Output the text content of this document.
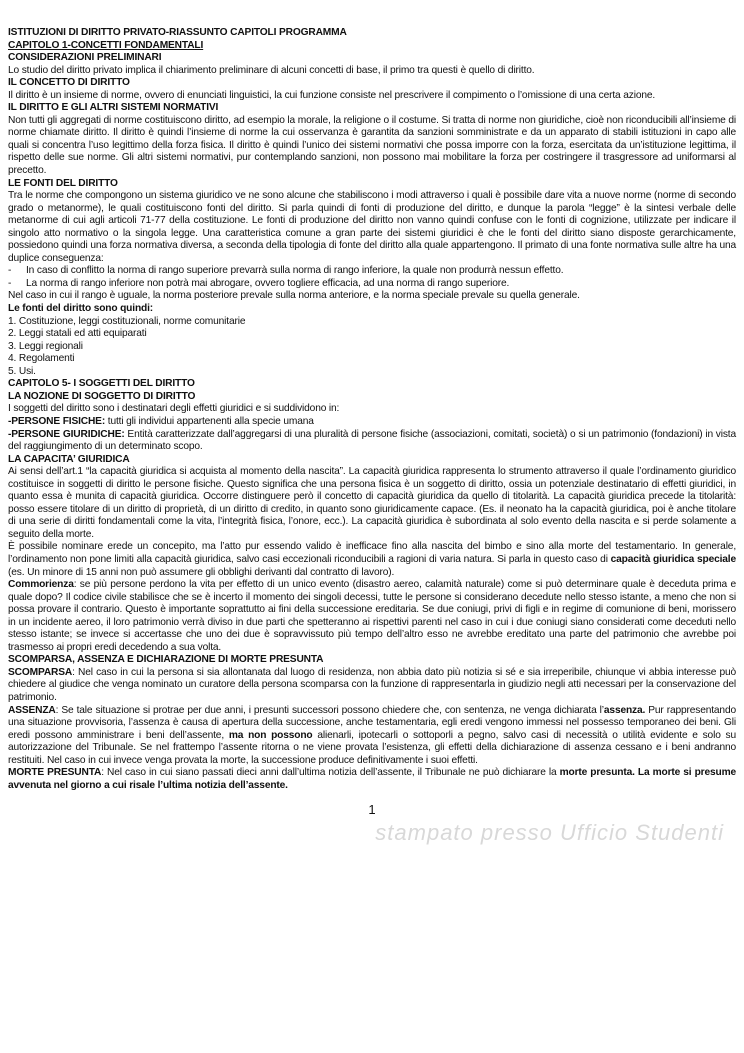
ISTITUZIONI DI DIRITTO PRIVATO-RIASSUNTO CAPITOLI PROGRAMMA
CAPITOLO 1-CONCETTI FONDAMENTALI
CONSIDERAZIONI PRELIMINARI
Lo studio del diritto privato implica il chiarimento preliminare di alcuni concetti di base, il primo tra questi è quello di diritto.
IL CONCETTO DI DIRITTO
Il diritto è un insieme di norme, ovvero di enunciati linguistici, la cui funzione consiste nel prescrivere il compimento o l’omissione di una certa azione.
IL DIRITTO E GLI ALTRI SISTEMI NORMATIVI
Non tutti gli aggregati di norme costituiscono diritto, ad esempio la morale, la religione o il costume. Si tratta di norme non giuridiche, cioè non riconducibili all’insieme di norme chiamate diritto. Il diritto è quindi l’insieme di norme la cui osservanza è garantita da sanzioni somministrate e da un apparato di stabili istituzioni in capo alle quali si concentra l’uso legittimo della forza fisica. Il diritto è quindi l’unico dei sistemi normativi che possa imporre con la forza, esercitata da un’istituzione legittima, il rispetto delle sue norme. Gli altri sistemi normativi, pur contemplando sanzioni, non possono mai mobilitare la forza per costringere il trasgressore ad uniformarsi al precetto.
LE FONTI DEL DIRITTO
Tra le norme che compongono un sistema giuridico ve ne sono alcune che stabiliscono i modi attraverso i quali è possibile dare vita a nuove norme (norme di secondo grado o metanorme), le quali costituiscono fonti del diritto. Si parla quindi di fonti di produzione del diritto, e dunque la parola “legge” è la sintesi verbale delle metanorme di cui agli articoli 71-77 della costituzione. Le fonti di produzione del diritto non vanno quindi confuse con le fonti di cognizione, utilizzate per indicare il singolo atto normativo o la singola legge. Una caratteristica comune a gran parte dei sistemi giuridici è che le fonti del diritto siano disposte gerarchicamente, possiedono quindi una forza normativa diversa, a seconda della tipologia di fonte del diritto alla quale appartengono. Il primato di una fonte normativa sulle altre ha una duplice conseguenza:
- In caso di conflitto la norma di rango superiore prevarrà sulla norma di rango inferiore, la quale non produrrà nessun effetto.
- La norma di rango inferiore non potrà mai abrogare, ovvero togliere efficacia, ad una norma di rango superiore.
Nel caso in cui il rango è uguale, la norma posteriore prevale sulla norma anteriore, e la norma speciale prevale su quella generale.
Le fonti del diritto sono quindi:
1. Costituzione, leggi costituzionali, norme comunitarie
2. Leggi statali ed atti equiparati
3. Leggi regionali
4. Regolamenti
5. Usi.
CAPITOLO 5- I SOGGETTI DEL DIRITTO
LA NOZIONE DI SOGGETTO DI DIRITTO
I soggetti del diritto sono i destinatari degli effetti giuridici e si suddividono in:
-PERSONE FISICHE: tutti gli individui appartenenti alla specie umana
-PERSONE GIURIDICHE: Entità caratterizzate dall’aggregarsi di una pluralità di persone fisiche (associazioni, comitati, società) o si un patrimonio (fondazioni) in vista del raggiungimento di un determinato scopo.
LA CAPACITA’ GIURIDICA
Ai sensi dell’art.1 “la capacità giuridica si acquista al momento della nascita”. La capacità giuridica rappresenta lo strumento attraverso il quale l’ordinamento giuridico costituisce in soggetti di diritto le persone fisiche. Questo significa che una persona fisica è un soggetto di diritto, ossia un potenziale destinatario di effetti giuridici, in quanto essa è munita di capacità giuridica. Occorre distinguere però il concetto di capacità giuridica da quello di titolarità. La capacità giuridica precede la titolarità: posso essere titolare di un diritto di proprietà, di un diritto di credito, in quanto sono giuridicamente capace. (Es. il neonato ha la capacità giuridica, poi è anche titolare di una serie di diritti fondamentali come la vita, l’integrità fisica, l’onore, ecc.). La capacità giuridica è subordinata al solo evento della nascita e si perde solamente a seguito della morte.
È possibile nominare erede un concepito, ma l’atto pur essendo valido è inefficace fino alla nascita del bimbo e sino alla morte del testamentario. In generale, l’ordinamento non pone limiti alla capacità giuridica, salvo casi eccezionali riconducibili a ragioni di varia natura. Si parla in questo caso di capacità giuridica speciale (es. Un minore di 15 anni non può assumere gli obblighi derivanti dal contratto di lavoro).
Commorienza: se più persone perdono la vita per effetto di un unico evento (disastro aereo, calamità naturale) come si può determinare quale è deceduta prima e quale dopo? Il codice civile stabilisce che se è incerto il momento dei singoli decessi, tutte le persone si considerano decedute nello stesso istante, a meno che non si possa provare il contrario. Questo è importante soprattutto ai fini della successione ereditaria. Se due coniugi, privi di figli e in regime di comunione di beni, morissero in un incidente aereo, il loro patrimonio verrà diviso in due parti che spetteranno ai rispettivi parenti nel caso in cui i due coniugi siano considerati come deceduti nello stesso istante; se invece si accertasse che uno dei due è sopravvissuto più tempo dell’altro esso ne avrebbe ereditato una parte del patrimonio che avrebbe poi trasmesso ai propri eredi decedendo a sua volta.
SCOMPARSA, ASSENZA E DICHIARAZIONE DI MORTE PRESUNTA
SCOMPARSA: Nel caso in cui la persona si sia allontanata dal luogo di residenza, non abbia dato più notizia si sé e sia irreperibile, chiunque vi abbia interesse può chiedere al giudice che venga nominato un curatore della persona scomparsa con la funzione di rappresentarla in giudizio negli atti necessari per la conservazione del patrimonio.
ASSENZA: Se tale situazione si protrae per due anni, i presunti successori possono chiedere che, con sentenza, ne venga dichiarata l’assenza. Pur rappresentando una situazione provvisoria, l’assenza è causa di apertura della successione, anche testamentaria, egli eredi vengono immessi nel possesso temporaneo dei beni. Gli eredi possono amministrare i beni dell’assente, ma non possono alienarli, ipotecarli o sottoporli a pegno, salvo casi di necessità o utilità evidente e solo su autorizzazione del Tribunale. Se nel frattempo l’assente ritorna o ne viene provata l’esistenza, gli effetti della dichiarazione di assenza cessano e i beni andranno restituiti. Nel caso in cui invece venga provata la morte, la successione produce definitivamente i suoi effetti.
MORTE PRESUNTA: Nel caso in cui siano passati dieci anni dall’ultima notizia dell’assente, il Tribunale ne può dichiarare la morte presunta. La morte si presume avvenuta nel giorno a cui risale l’ultima notizia dell’assente.
1
stampato presso Ufficio Studenti
